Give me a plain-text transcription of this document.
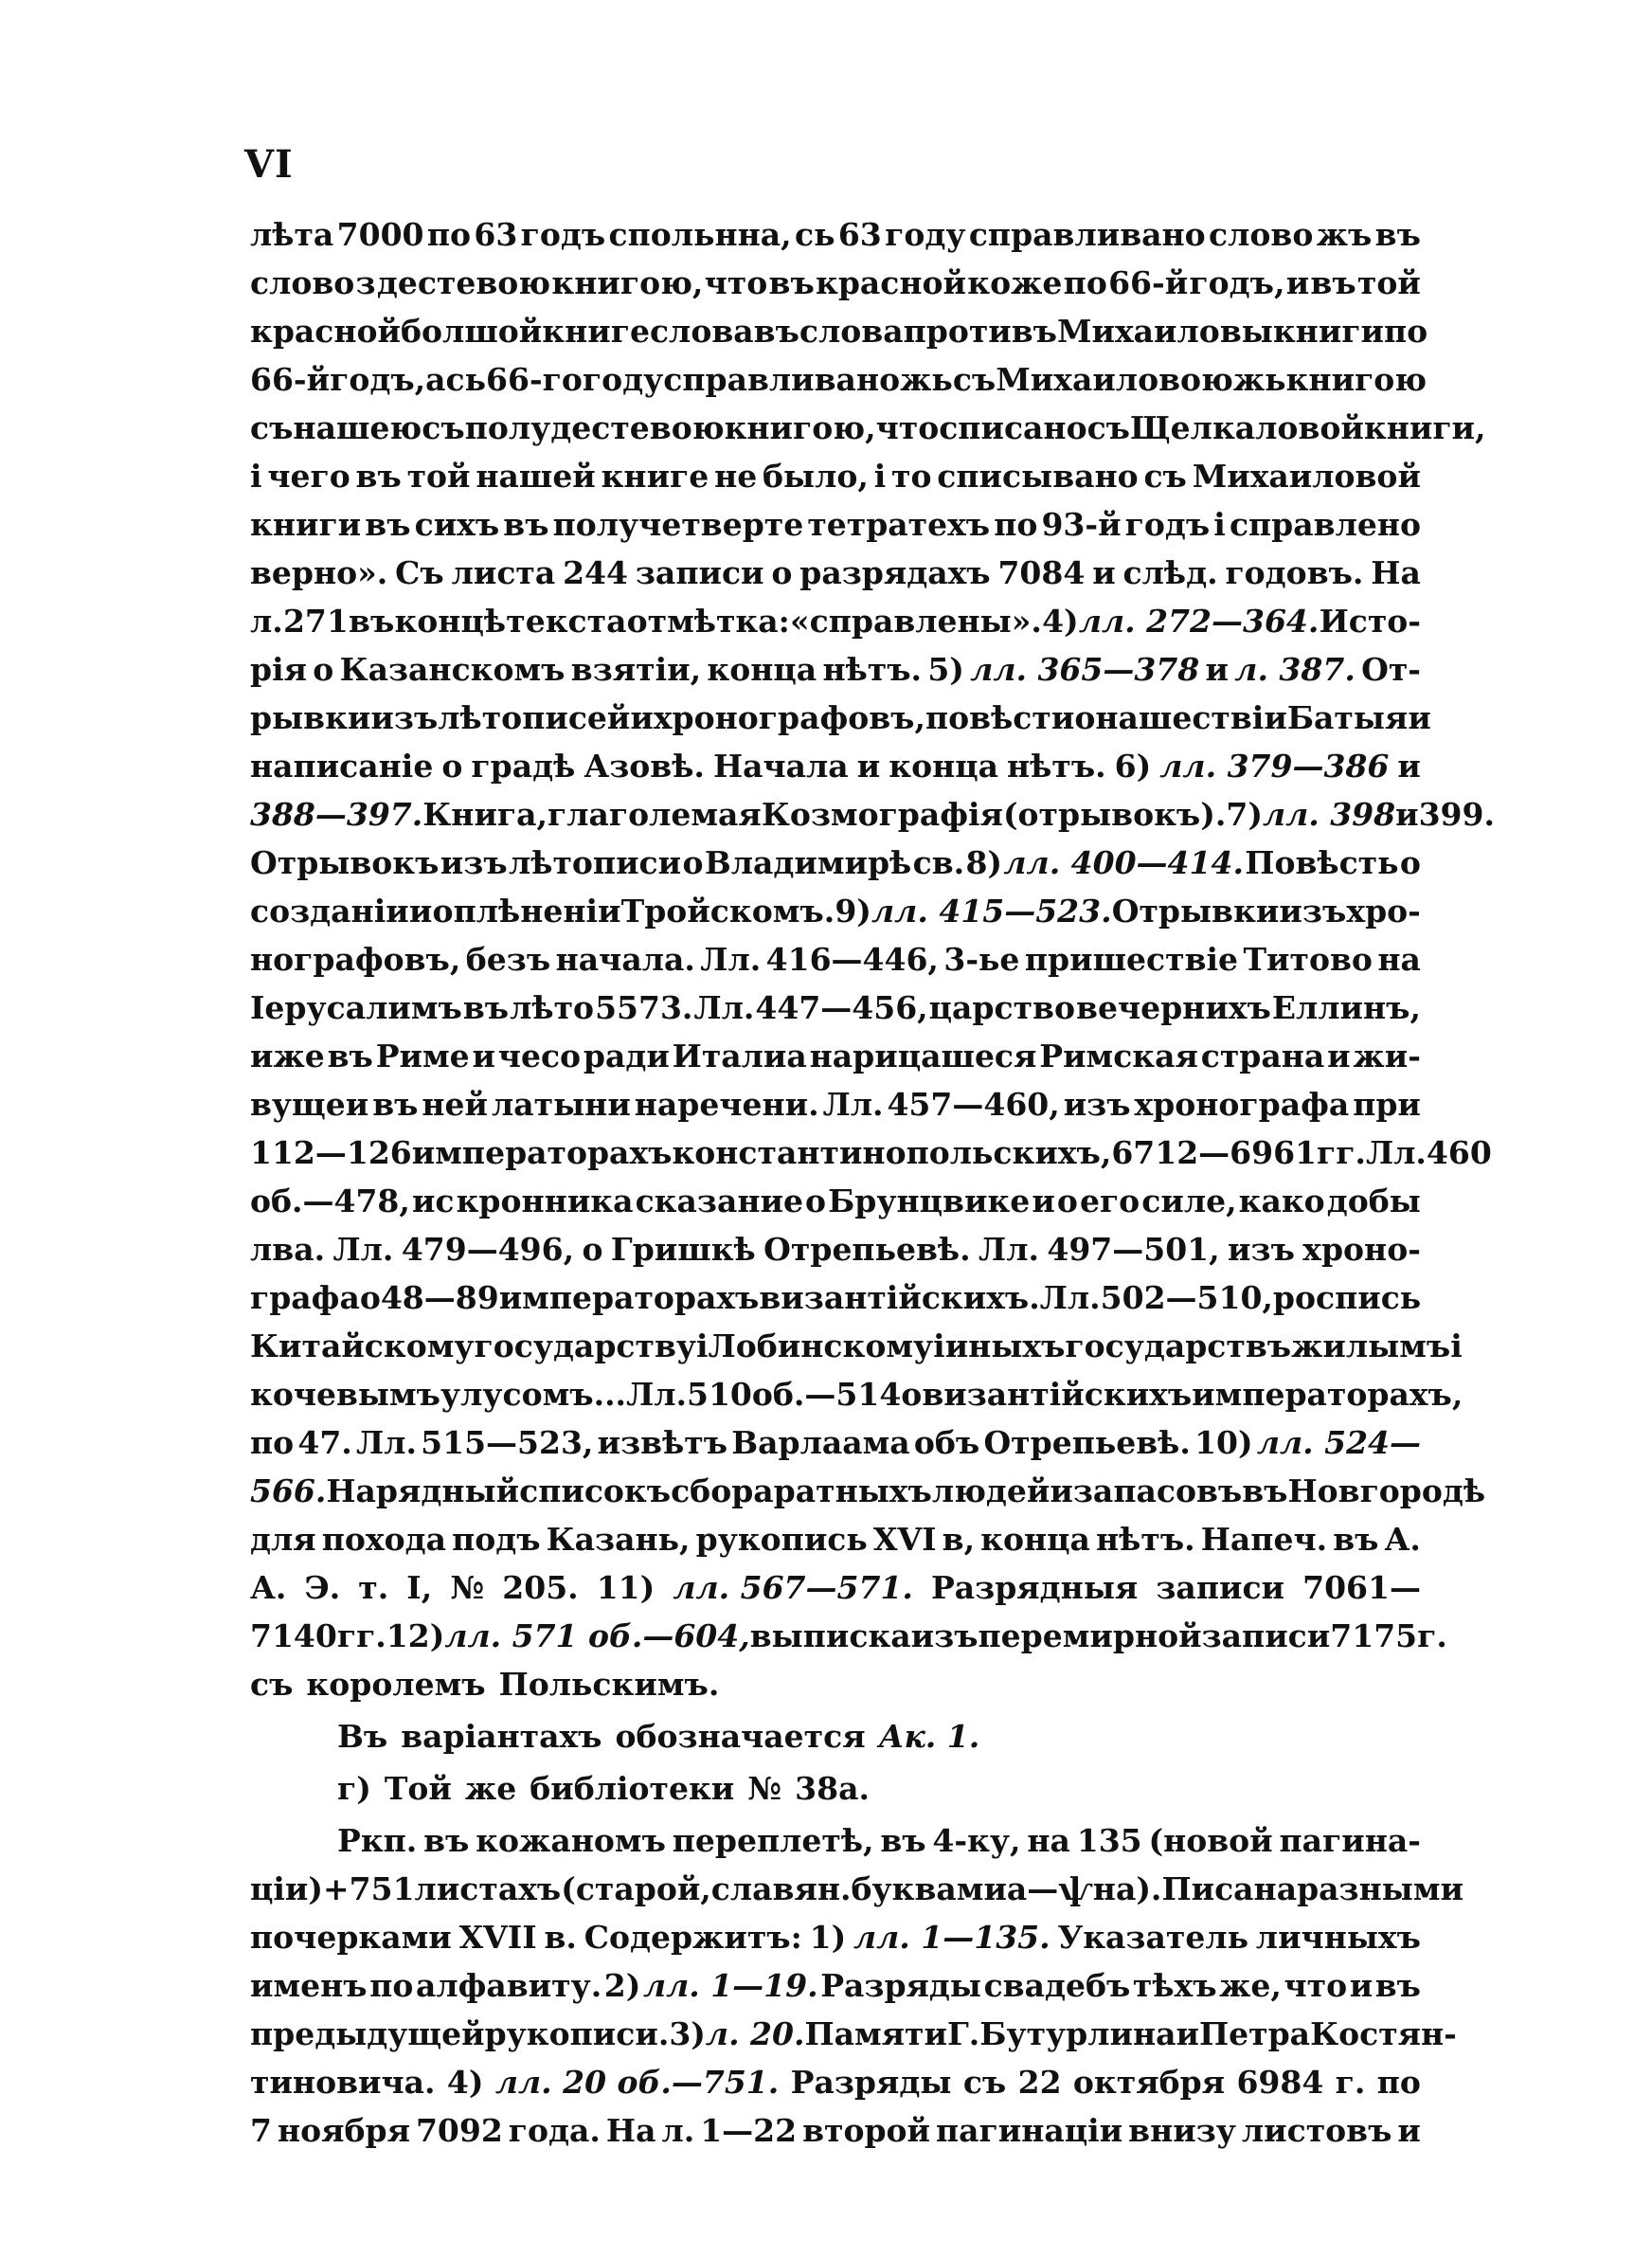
VI
лѣта 7000 по 63 годъ спольнна, сь 63 году справливано слово жъ въ
слово з дестевою книгою, что въ красной коже по 66-й годъ, и въ той
красной болшой книге слова въ слова противъ Михаиловы книги по
66-й годъ, а сь 66-го году справливано жь съ Михаиловою жь книгою
съ нашею съ полудестевою книгою, что списано съ Щелкаловой книги,
і чего въ той нашей книге не было, і то списывано съ Михаиловой
книги въ сихъ въ получетверте тетратехъ по 93-й годъ і справлено
верно». Съ листа 244 записи о разрядахъ 7084 и слѣд. годовъ. На
л. 271 въ концѣ текста отмѣтка: «справлены». 4) лл. 272—364. Исто-
рія о Казанскомъ взятіи, конца нѣтъ. 5) лл. 365—378 и л. 387. От-
рывки изъ лѣтописей и хронографовъ, повѣсти о нашествіи Батыя и
написаніе о градѣ Азовѣ. Начала и конца нѣтъ. 6) лл. 379—386 и
388—397. Книга, глаголемая Козмографія (отрывокъ). 7) лл. 398 и 399.
Отрывокъ изъ лѣтописи о Владимирѣ св. 8) лл. 400—414. Повѣсть о
созданіи и о плѣненіи Тройскомъ. 9) лл. 415—523. Отрывки изъ хро-
нографовъ, безъ начала. Лл. 416—446, 3-ье пришествіе Титово на
Іерусалимъ въ лѣто 5573. Лл. 447—456, царство вечернихъ Еллинъ,
иже въ Риме и чесо ради Италиа нарицашеся Римская страна и жи-
вущеи въ ней латыни наречени. Лл. 457—460, изъ хронографа при
112—126 императорахъ константинопольскихъ, 6712—6961 гг. Лл. 460
об.—478, ис кронника сказание о Брунцвике и о его силе, како добы
лва. Лл. 479—496, о Гришкѣ Отрепьевѣ. Лл. 497—501, изъ хроно-
графа о 48—89 императорахъ византійскихъ. Лл. 502—510, роспись
Китайскому государству і Лобинскому і иныхъ государствъ жилымъ і
кочевымъ улусомъ... Лл. 510 об.—514 о византійскихъ императорахъ,
по 47. Лл. 515—523, извѣтъ Варлаама объ Отрепьевѣ. 10) лл. 524—
566. Нарядный списокъ сбора ратныхъ людей и запасовъ въ Новгородѣ
для похода подъ Казань, рукопись XVI в, конца нѣтъ. Напеч. въ А.
А. Э. т. I, № 205. 11) лл. 567—571. Разрядныя записи 7061—
7140 гг. 12) лл. 571 об.—604, выписка изъ перемирной записи 7175 г.
съ королемъ Польскимъ.
Въ варіантахъ обозначается Ак. 1.
г) Той же библіотеки № 38а.
Ркп. въ кожаномъ переплетѣ, въ 4-ку, на 135 (новой пагина-
ціи)+751 листахъ (старой, славян. буквами а—ѱна). Писана разными
почерками XVII в. Содержитъ: 1) лл. 1—135. Указатель личныхъ
именъ по алфавиту. 2) лл. 1—19. Разряды свадебъ тѣхъ же, что и въ
предыдущей рукописи. 3) л. 20. Памяти Г. Бутурлина и Петра Костян-
тиновича. 4) лл. 20 об.—751. Разряды съ 22 октября 6984 г. по
7 ноября 7092 года. На л. 1—22 второй пагинаціи внизу листовъ и
